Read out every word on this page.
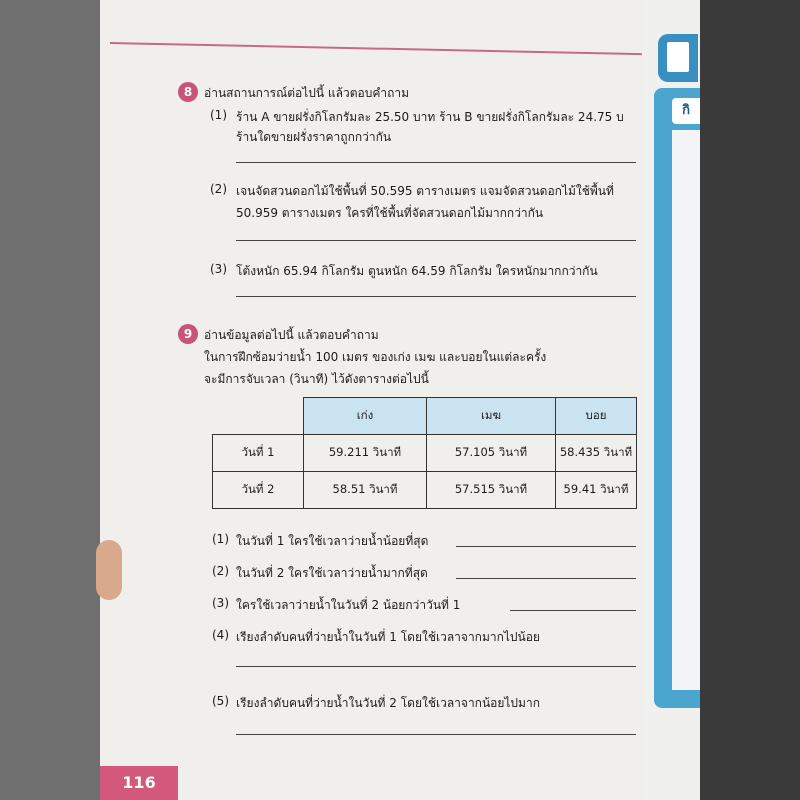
8 อ่านสถานการณ์ต่อไปนี้ แล้วตอบคำถาม
(1) ร้าน A ขายฝรั่งกิโลกรัมละ 25.50 บาท ร้าน B ขายฝรั่งกิโลกรัมละ 24.75 บ
ร้านใดขายฝรั่งราคาถูกกว่ากัน
(2) เจนจัดสวนดอกไม้ใช้พื้นที่ 50.595 ตารางเมตร แจมจัดสวนดอกไม้ใช้พื้นที่
50.959 ตารางเมตร ใครที่ใช้พื้นที่จัดสวนดอกไม้มากกว่ากัน
(3) โต้งหนัก 65.94 กิโลกรัม ตูนหนัก 64.59 กิโลกรัม ใครหนักมากกว่ากัน
9 อ่านข้อมูลต่อไปนี้ แล้วตอบคำถาม
ในการฝึกซ้อมว่ายน้ำ 100 เมตร ของเก่ง เมฆ และบอยในแต่ละครั้ง
จะมีการจับเวลา (วินาที) ไว้ดังตารางต่อไปนี้
	เก่ง	เมฆ	บอย
วันที่ 1	59.211 วินาที	57.105 วินาที	58.435 วินาที
วันที่ 2	58.51 วินาที	57.515 วินาที	59.41 วินาที
(1) ในวันที่ 1 ใครใช้เวลาว่ายน้ำน้อยที่สุด
(2) ในวันที่ 2 ใครใช้เวลาว่ายน้ำมากที่สุด
(3) ใครใช้เวลาว่ายน้ำในวันที่ 2 น้อยกว่าวันที่ 1
(4) เรียงลำดับคนที่ว่ายน้ำในวันที่ 1 โดยใช้เวลาจากมากไปน้อย
(5) เรียงลำดับคนที่ว่ายน้ำในวันที่ 2 โดยใช้เวลาจากน้อยไปมาก
116
กิ
